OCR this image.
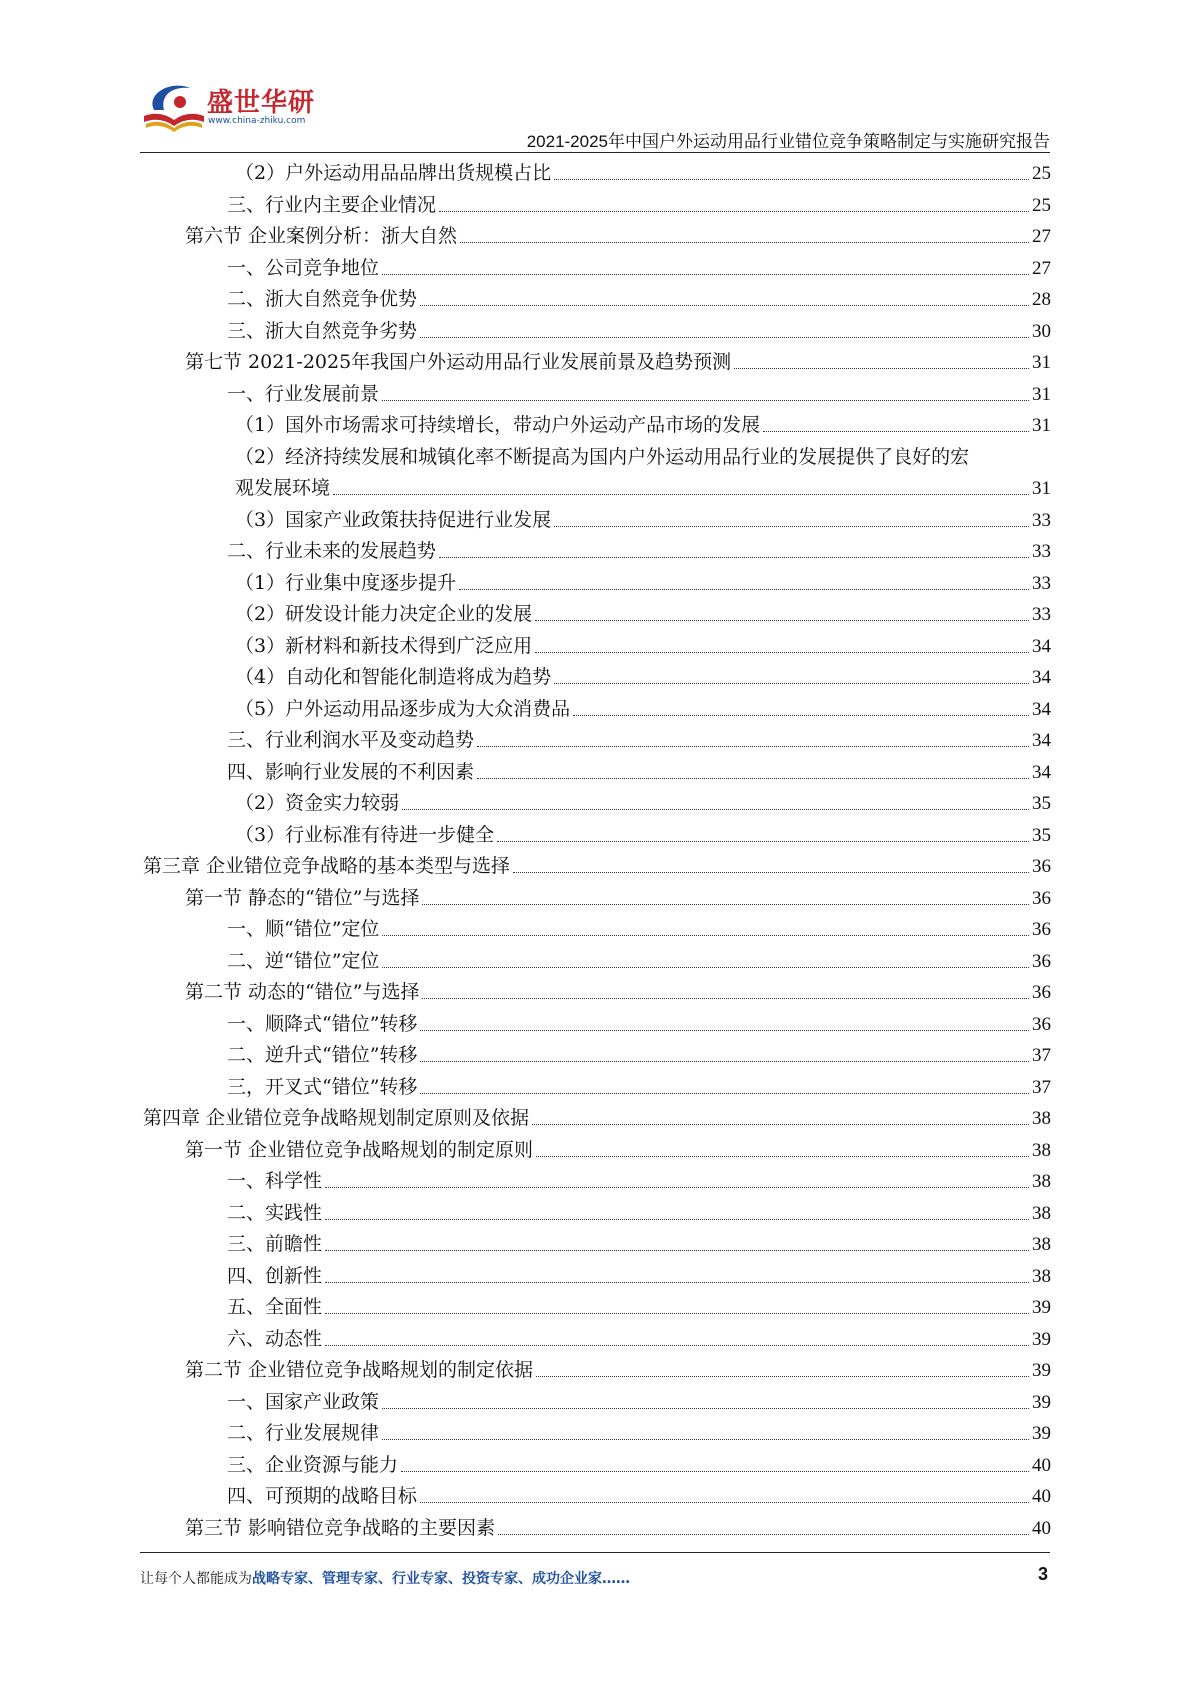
盛世华研
www.china-zhiku.com
2021-2025年中国户外运动用品行业错位竞争策略制定与实施研究报告
（2）户外运动用品品牌出货规模占比	25
三、行业内主要企业情况	25
第六节 企业案例分析：浙大自然	27
一、公司竞争地位	27
二、浙大自然竞争优势	28
三、浙大自然竞争劣势	30
第七节 2021-2025年我国户外运动用品行业发展前景及趋势预测	31
一、行业发展前景	31
（1）国外市场需求可持续增长，带动户外运动产品市场的发展	31
（2）经济持续发展和城镇化率不断提高为国内户外运动用品行业的发展提供了良好的宏
观发展环境	31
（3）国家产业政策扶持促进行业发展	33
二、行业未来的发展趋势	33
（1）行业集中度逐步提升	33
（2）研发设计能力决定企业的发展	33
（3）新材料和新技术得到广泛应用	34
（4）自动化和智能化制造将成为趋势	34
（5）户外运动用品逐步成为大众消费品	34
三、行业利润水平及变动趋势	34
四、影响行业发展的不利因素	34
（2）资金实力较弱	35
（3）行业标准有待进一步健全	35
第三章 企业错位竞争战略的基本类型与选择	36
第一节 静态的“错位”与选择	36
一、顺“错位”定位	36
二、逆“错位”定位	36
第二节 动态的“错位”与选择	36
一、顺降式“错位”转移	36
二、逆升式“错位”转移	37
三，开叉式“错位”转移	37
第四章 企业错位竞争战略规划制定原则及依据	38
第一节 企业错位竞争战略规划的制定原则	38
一、科学性	38
二、实践性	38
三、前瞻性	38
四、创新性	38
五、全面性	39
六、动态性	39
第二节 企业错位竞争战略规划的制定依据	39
一、国家产业政策	39
二、行业发展规律	39
三、企业资源与能力	40
四、可预期的战略目标	40
第三节 影响错位竞争战略的主要因素	40
让每个人都能成为战略专家、管理专家、行业专家、投资专家、成功企业家……	3
